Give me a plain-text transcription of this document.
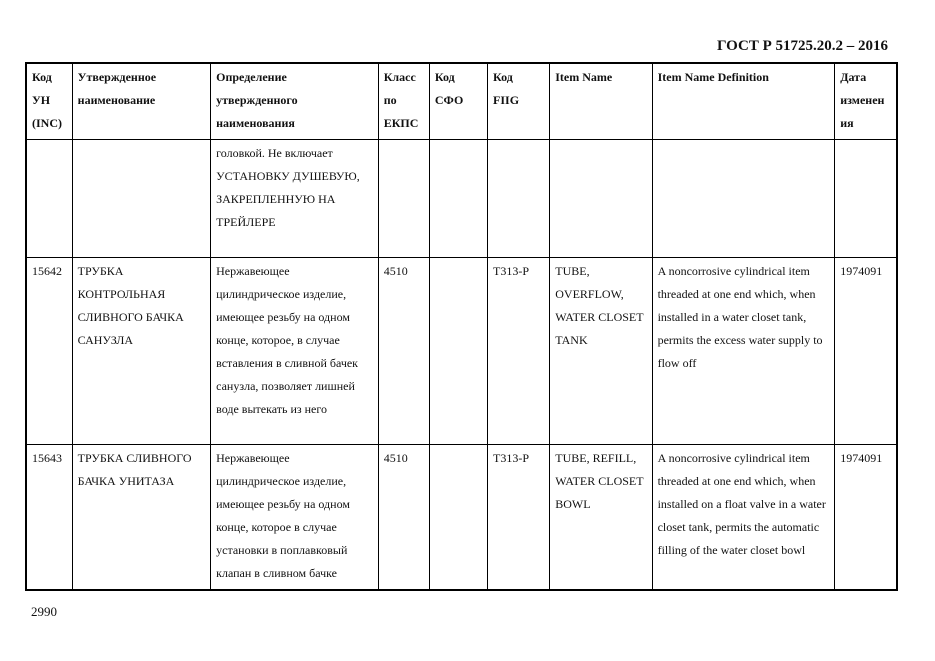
ГОСТ Р 51725.20.2 – 2016
Код
УН
(INC)	Утвержденное
наименование	Определение
утвержденного
наименования	Класс
по
ЕКПС	Код
СФО	Код
FIIG	Item Name	Item Name Definition	Дата
изменен
ия
		головкой. Не включает УСТАНОВКУ ДУШЕВУЮ, ЗАКРЕПЛЕННУЮ НА ТРЕЙЛЕРЕ						
15642	ТРУБКА КОНТРОЛЬНАЯ СЛИВНОГО БАЧКА САНУЗЛА	Нержавеющее цилиндрическое изделие, имеющее резьбу на одном конце, которое, в случае вставления в сливной бачек санузла, позволяет лишней воде вытекать из него	4510		T313-P	TUBE, OVERFLOW, WATER CLOSET TANK	A noncorrosive cylindrical item threaded at one end which, when installed in a water closet tank, permits the excess water supply to flow off	1974091
15643	ТРУБКА СЛИВНОГО БАЧКА УНИТАЗА	Нержавеющее цилиндрическое изделие, имеющее резьбу на одном конце, которое в случае установки в поплавковый клапан в сливном бачке	4510		T313-P	TUBE, REFILL, WATER CLOSET BOWL	A noncorrosive cylindrical item threaded at one end which, when installed on a float valve in a water closet tank, permits the automatic filling of the water closet bowl	1974091
2990
